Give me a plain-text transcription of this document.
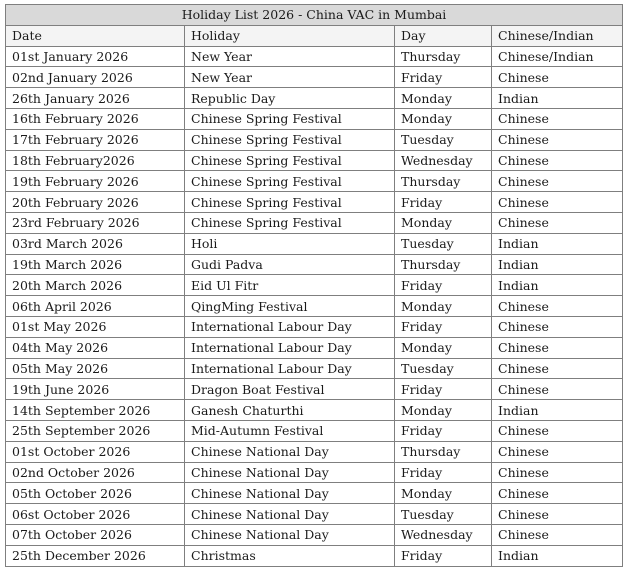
Holiday List 2026 - China VAC in Mumbai			
Date	Holiday	Day	Chinese/Indian
01st January 2026	New Year	Thursday	Chinese/Indian
02nd January 2026	New Year	Friday	Chinese
26th January 2026	Republic Day	Monday	Indian
16th February 2026	Chinese Spring Festival	Monday	Chinese
17th February 2026	Chinese Spring Festival	Tuesday	Chinese
18th February2026	Chinese Spring Festival	Wednesday	Chinese
19th February 2026	Chinese Spring Festival	Thursday	Chinese
20th February 2026	Chinese Spring Festival	Friday	Chinese
23rd February 2026	Chinese Spring Festival	Monday	Chinese
03rd March 2026	Holi	Tuesday	Indian
19th March 2026	Gudi Padva	Thursday	Indian
20th March 2026	Eid Ul Fitr	Friday	Indian
06th April 2026	QingMing Festival	Monday	Chinese
01st May 2026	International Labour Day	Friday	Chinese
04th May 2026	International Labour Day	Monday	Chinese
05th May 2026	International Labour Day	Tuesday	Chinese
19th June 2026	Dragon Boat Festival	Friday	Chinese
14th September 2026	Ganesh Chaturthi	Monday	Indian
25th September 2026	Mid-Autumn Festival	Friday	Chinese
01st October 2026	Chinese National Day	Thursday	Chinese
02nd October 2026	Chinese National Day	Friday	Chinese
05th October 2026	Chinese National Day	Monday	Chinese
06st October 2026	Chinese National Day	Tuesday	Chinese
07th October 2026	Chinese National Day	Wednesday	Chinese
25th December 2026	Christmas	Friday	Indian
